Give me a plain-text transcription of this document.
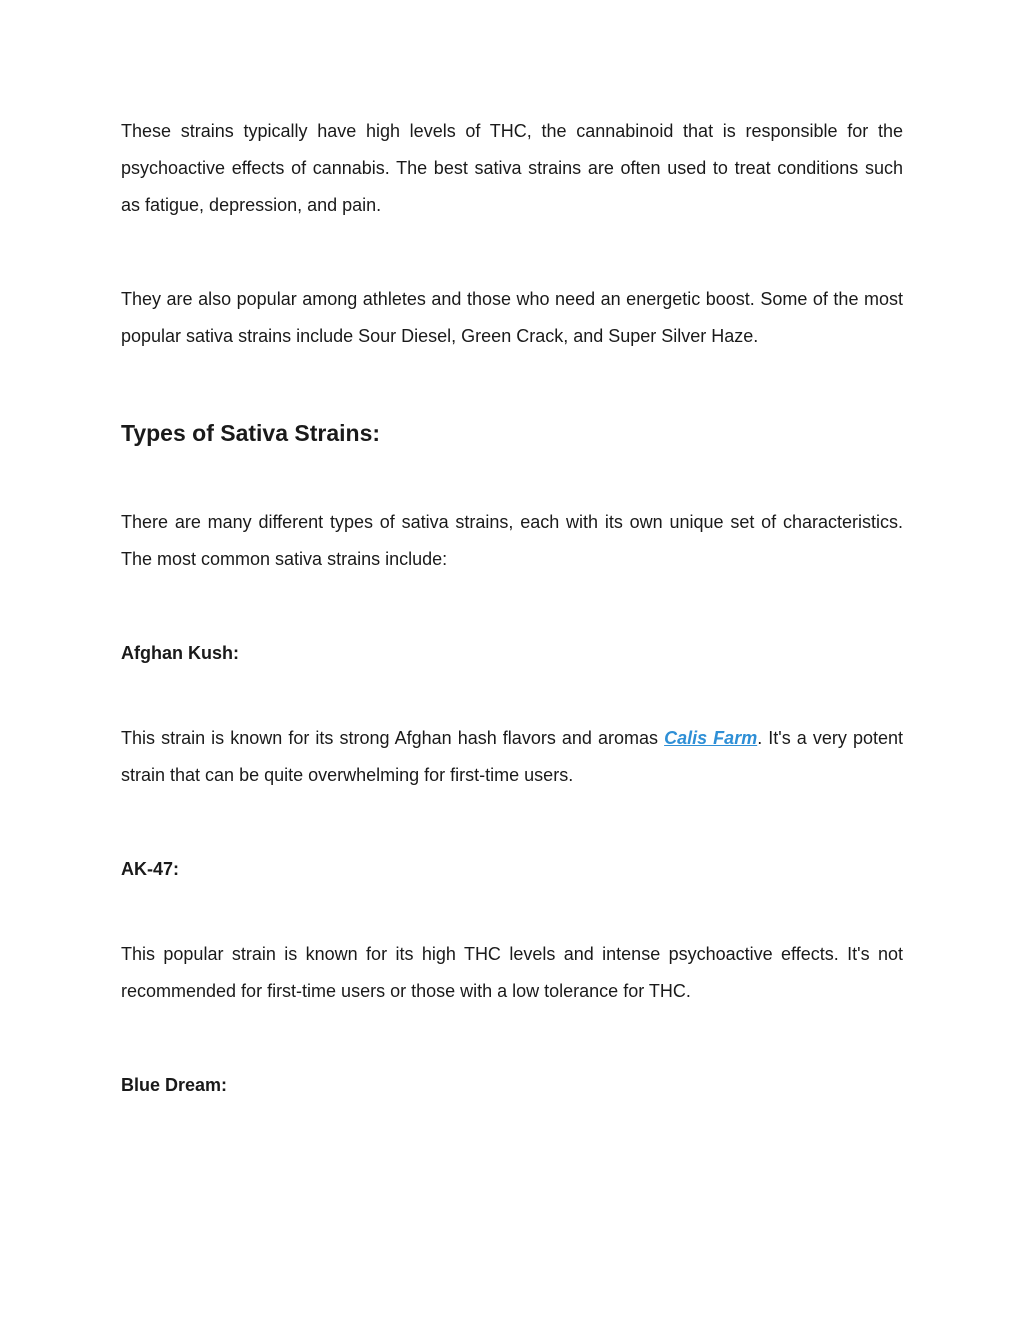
These strains typically have high levels of THC, the cannabinoid that is responsible for the psychoactive effects of cannabis. The best sativa strains are often used to treat conditions such as fatigue, depression, and pain.

They are also popular among athletes and those who need an energetic boost. Some of the most popular sativa strains include Sour Diesel, Green Crack, and Super Silver Haze.

Types of Sativa Strains:

There are many different types of sativa strains, each with its own unique set of characteristics. The most common sativa strains include:

Afghan Kush:

This strain is known for its strong Afghan hash flavors and aromas Calis Farm. It's a very potent strain that can be quite overwhelming for first-time users.

AK-47:

This popular strain is known for its high THC levels and intense psychoactive effects. It's not recommended for first-time users or those with a low tolerance for THC.

Blue Dream:
